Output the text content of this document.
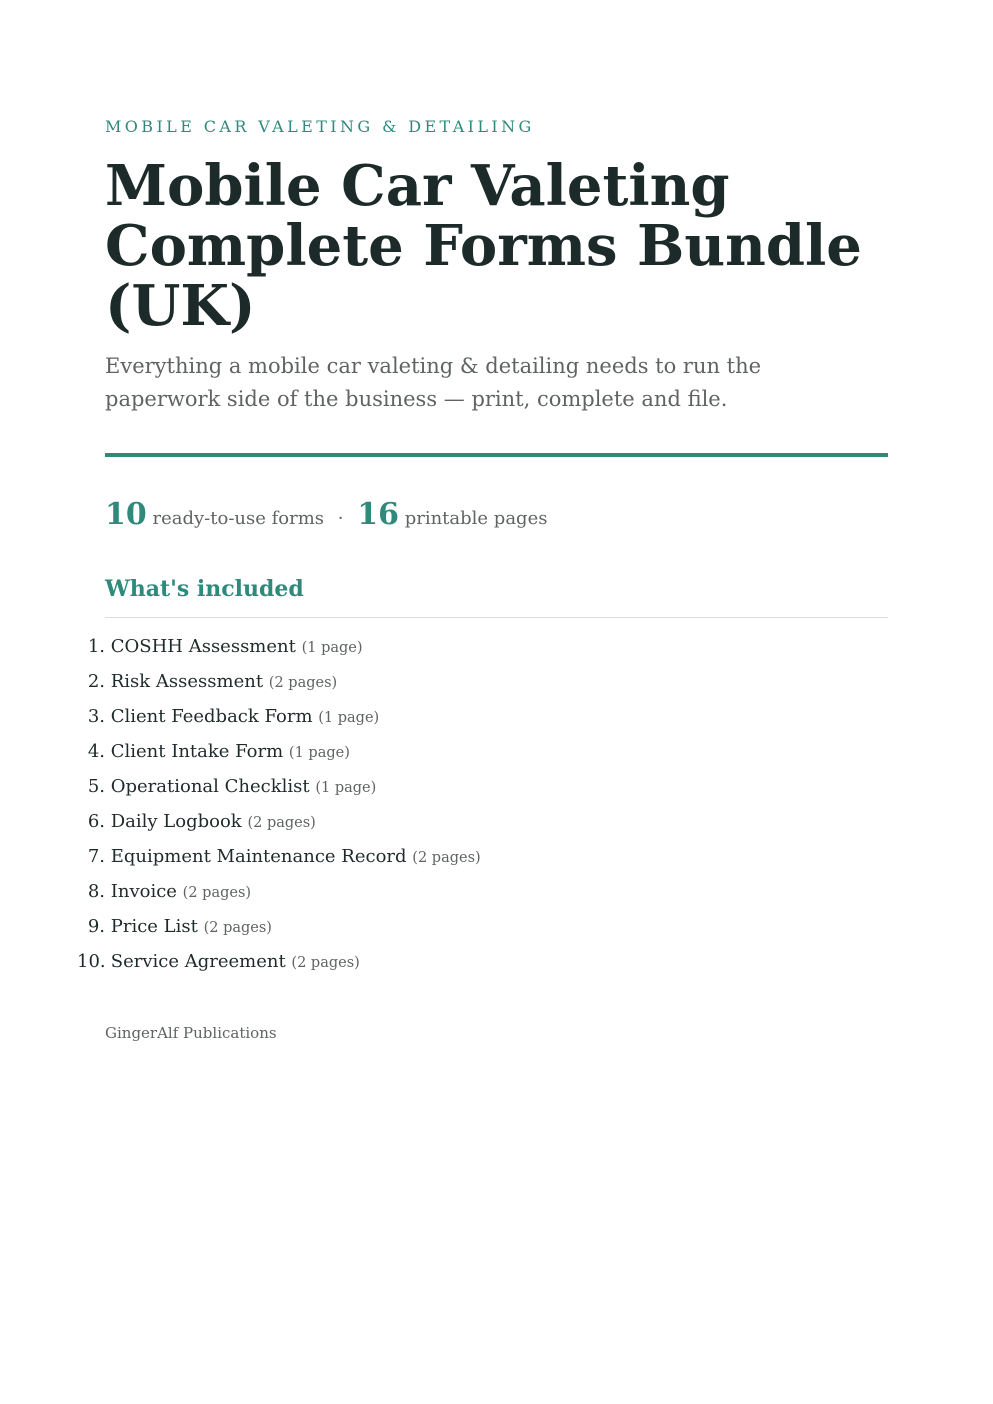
MOBILE CAR VALETING & DETAILING
Mobile Car Valeting Complete Forms Bundle (UK)

Everything a mobile car valeting & detailing needs to run the paperwork side of the business — print, complete and file.

10 ready-to-use forms · 16 printable pages
What's included
1. COSHH Assessment (1 page)
2. Risk Assessment (2 pages)
3. Client Feedback Form (1 page)
4. Client Intake Form (1 page)
5. Operational Checklist (1 page)
6. Daily Logbook (2 pages)
7. Equipment Maintenance Record (2 pages)
8. Invoice (2 pages)
9. Price List (2 pages)
10. Service Agreement (2 pages)
GingerAlf Publications
